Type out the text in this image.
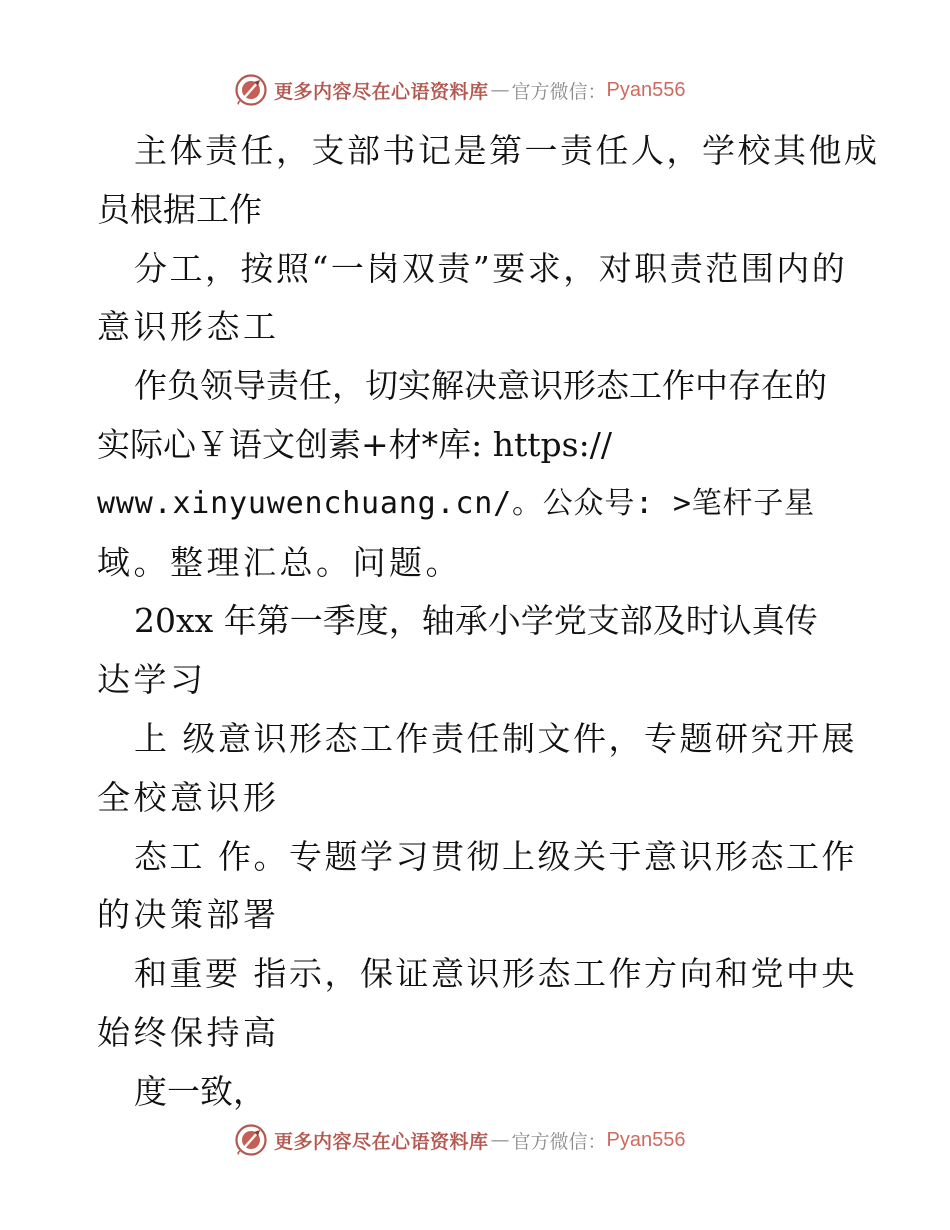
更多内容尽在心语资料库 — 官方微信： Pyan556
主体责任，支部书记是第一责任人，学校其他成
员根据工作
分工，按照“一岗双责”要求，对职责范围内的
意识形态工
作负领导责任，切实解决意识形态工作中存在的
实际心￥语文创素+材*库: https://
www.xinyuwenchuang.cn/。公众号: >笔杆子星
域。整理汇总。问题。
20xx 年第一季度，轴承小学党支部及时认真传
达学习
上 级意识形态工作责任制文件，专题研究开展
全校意识形
态工 作。专题学习贯彻上级关于意识形态工作
的决策部署
和重要 指示，保证意识形态工作方向和党中央
始终保持高
度一致，
更多内容尽在心语资料库 — 官方微信： Pyan556
